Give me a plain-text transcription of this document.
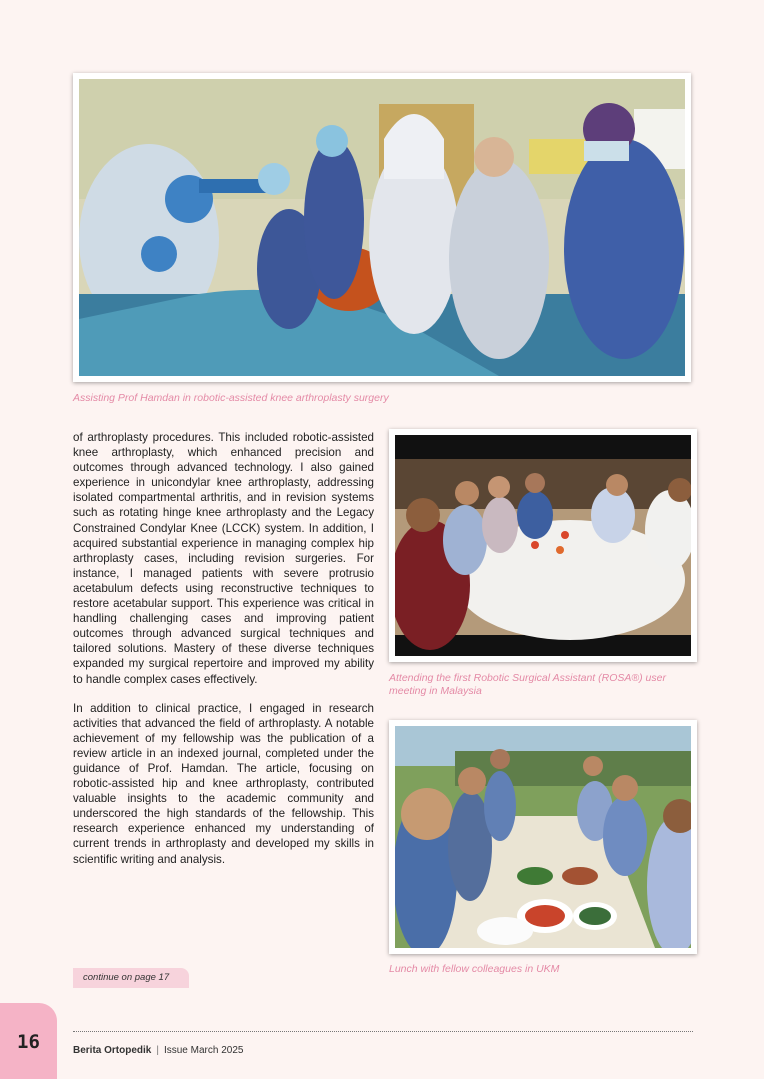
Assisting Prof Hamdan in robotic-assisted knee arthroplasty surgery

of arthroplasty procedures. This included robotic-assisted knee arthroplasty, which enhanced precision and outcomes through advanced technology. I also gained experience in unicondylar knee arthroplasty, addressing isolated compartmental arthritis, and in revision systems such as rotating hinge knee arthroplasty and the Legacy Constrained Condylar Knee (LCCK) system. In addition, I acquired substantial experience in managing complex hip arthroplasty cases, including revision surgeries. For instance, I managed patients with severe protrusio acetabulum defects using reconstructive techniques to restore acetabular support. This experience was critical in handling challenging cases and improving patient outcomes through advanced surgical techniques and tailored solutions. Mastery of these diverse techniques expanded my surgical repertoire and improved my ability to handle complex cases effectively.

In addition to clinical practice, I engaged in research activities that advanced the field of arthroplasty. A notable achievement of my fellowship was the publication of a review article in an indexed journal, completed under the guidance of Prof. Hamdan. The article, focusing on robotic-assisted hip and knee arthroplasty, contributed valuable insights to the academic community and underscored the high standards of the fellowship. This research experience enhanced my understanding of current trends in arthroplasty and developed my skills in scientific writing and analysis.

continue on page 17
Attending the first Robotic Surgical Assistant (ROSA®) user meeting in Malaysia
Lunch with fellow colleagues in UKM
16	Berita Ortopedik | Issue March 2025
